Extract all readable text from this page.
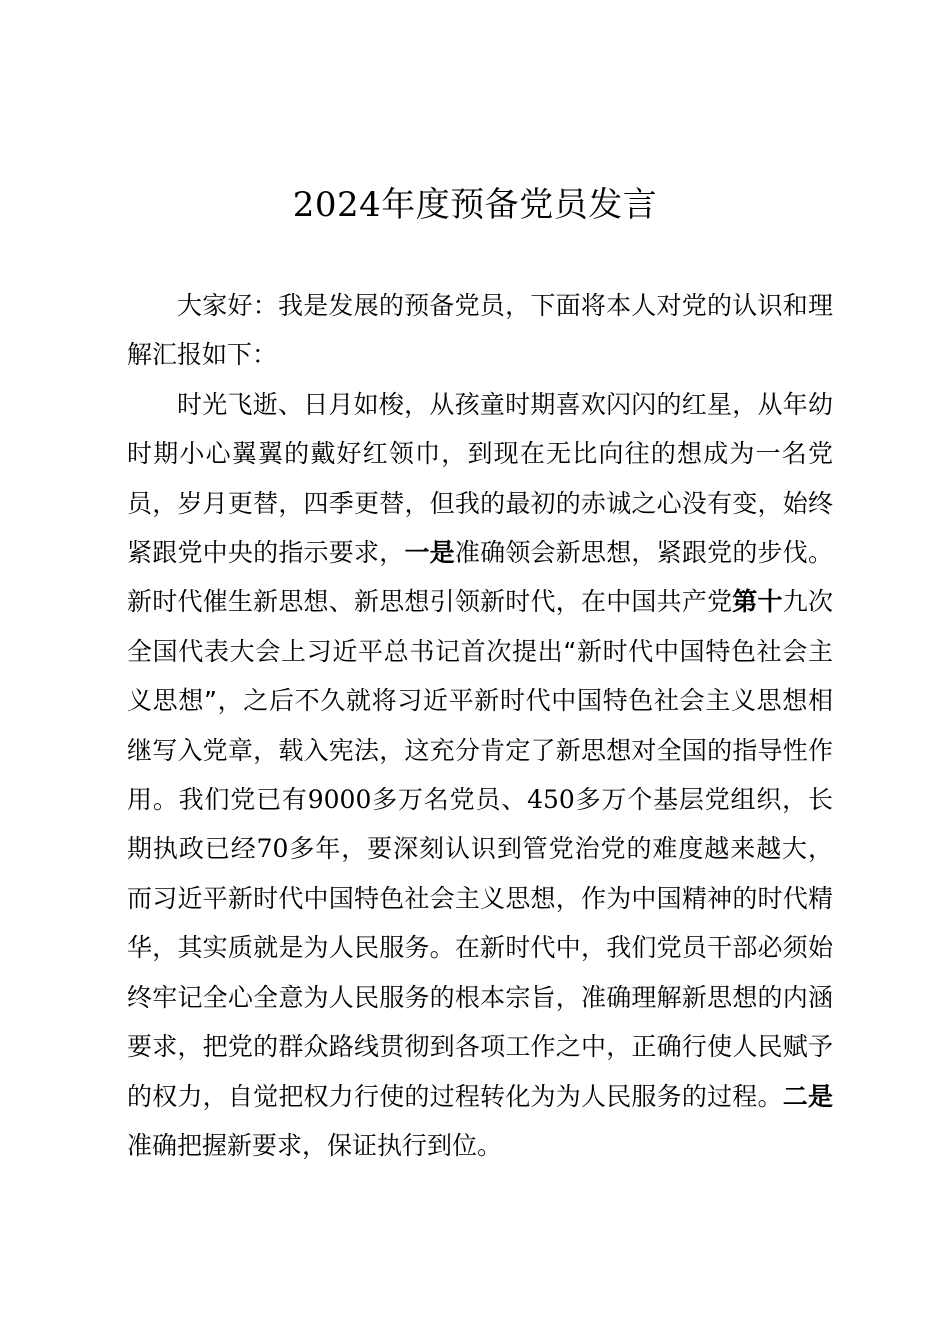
2024年度预备党员发言

大家好：我是发展的预备党员，下面将本人对党的认识和理解汇报如下：

时光飞逝、日月如梭，从孩童时期喜欢闪闪的红星，从年幼时期小心翼翼的戴好红领巾，到现在无比向往的想成为一名党员，岁月更替，四季更替，但我的最初的赤诚之心没有变，始终紧跟党中央的指示要求，一是准确领会新思想，紧跟党的步伐。新时代催生新思想、新思想引领新时代，在中国共产党第十九次全国代表大会上习近平总书记首次提出“新时代中国特色社会主义思想”，之后不久就将习近平新时代中国特色社会主义思想相继写入党章，载入宪法，这充分肯定了新思想对全国的指导性作用。我们党已有9000多万名党员、450多万个基层党组织，长期执政已经70多年，要深刻认识到管党治党的难度越来越大，而习近平新时代中国特色社会主义思想，作为中国精神的时代精华，其实质就是为人民服务。在新时代中，我们党员干部必须始终牢记全心全意为人民服务的根本宗旨，准确理解新思想的内涵要求，把党的群众路线贯彻到各项工作之中，正确行使人民赋予的权力，自觉把权力行使的过程转化为为人民服务的过程。二是准确把握新要求，保证执行到位。
